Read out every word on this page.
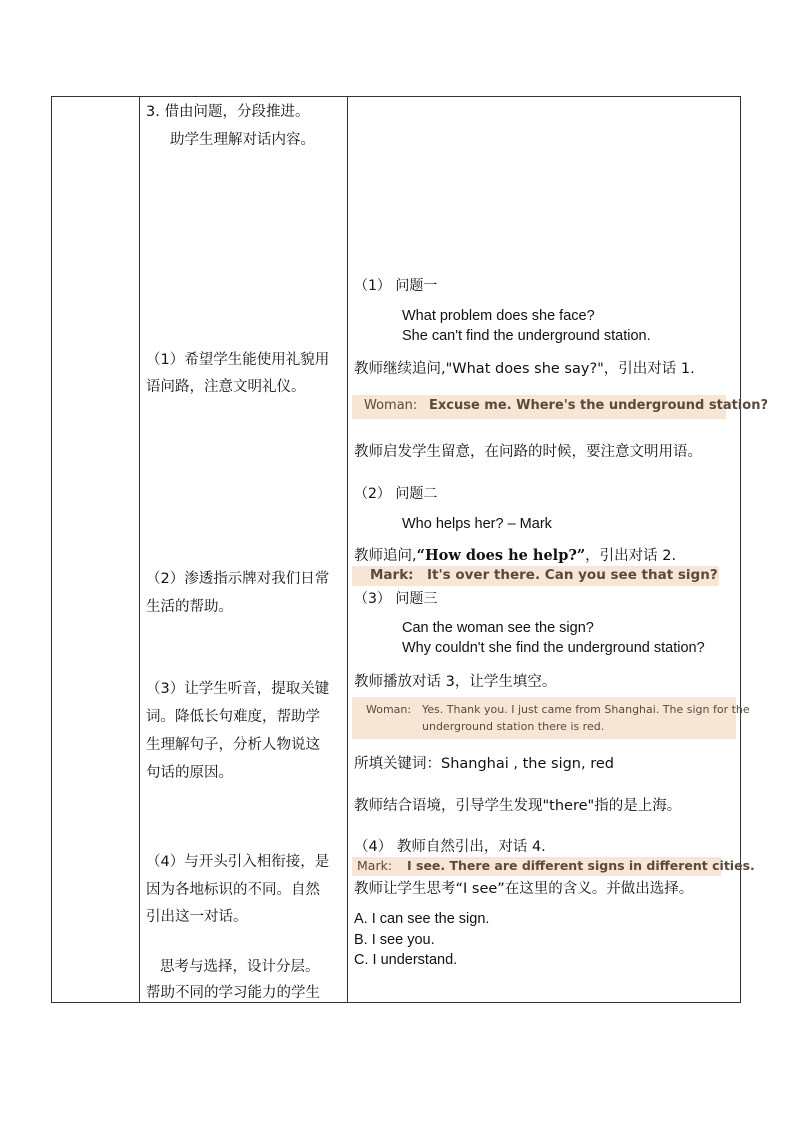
3. 借由问题，分段推进。
助学生理解对话内容。
（1）希望学生能使用礼貌用
语问路，注意文明礼仪。
（2）渗透指示牌对我们日常
生活的帮助。
（3）让学生听音，提取关键
词。降低长句难度，帮助学
生理解句子，分析人物说这
句话的原因。
（4）与开头引入相衔接，是
因为各地标识的不同。自然
引出这一对话。
思考与选择，设计分层。
帮助不同的学习能力的学生
（1） 问题一
What problem does she face?
She can't find the underground station.
教师继续追问,"What does she say?"，引出对话 1.
Woman: Excuse me. Where's the underground station?
教师启发学生留意，在问路的时候，要注意文明用语。
（2） 问题二
Who helps her? – Mark
教师追问,“How does he help?”，引出对话 2.
Mark: It's over there. Can you see that sign?
（3） 问题三
Can the woman see the sign?
Why couldn't she find the underground station?
教师播放对话 3，让学生填空。
Woman: Yes. Thank you. I just came from Shanghai. The sign for the
underground station there is red.
所填关键词：Shanghai , the sign, red
教师结合语境，引导学生发现"there"指的是上海。
（4） 教师自然引出，对话 4.
Mark: I see. There are different signs in different cities.
教师让学生思考“I see”在这里的含义。并做出选择。
A. I can see the sign.
B. I see you.
C. I understand.
